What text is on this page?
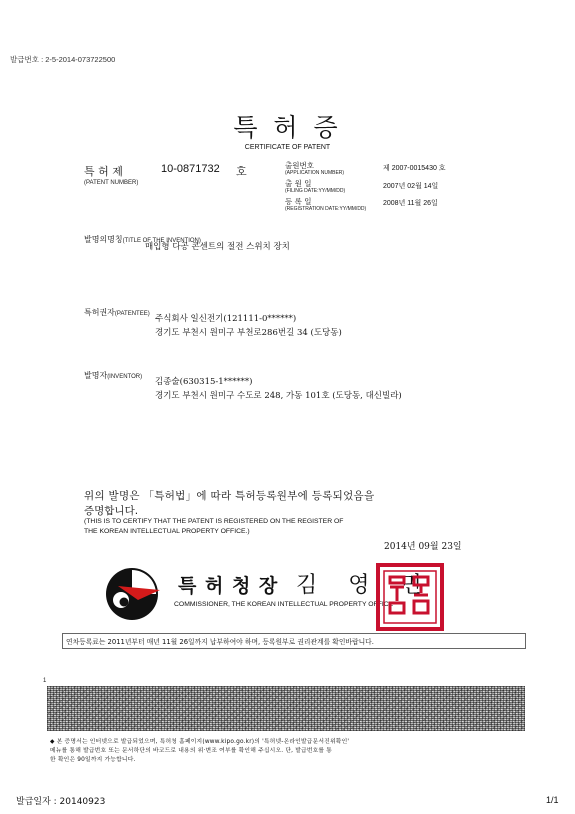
발급번호 : 2-5-2014-073722500
특 허 증
CERTIFICATE OF PATENT
특 허 제	10-0871732 호
(PATENT NUMBER)
출원번호
(APPLICATION NUMBER)
제 2007-0015430 호
출 원 일
(FILING DATE:YY/MM/DD)
2007년 02월 14일
등 록 일
(REGISTRATION DATE:YY/MM/DD)
2008년 11월 26일
발명의명칭(TITLE OF THE INVENTION)
매입형 다공 콘센트의 절전 스위치 장치
특허권자(PATENTEE) 주식회사 일신전기(121111-0******)
경기도 부천시 원미구 부천로286번길 34 (도당동)
발명자(INVENTOR) 김종술(630315-1******)
경기도 부천시 원미구 수도로 248, 가동 101호 (도당동, 대신빌라)
위의 발명은 「특허법」에 따라 특허등록원부에 등록되었음을
증명합니다.
(THIS IS TO CERTIFY THAT THE PATENT IS REGISTERED ON THE REGISTER OF
THE KOREAN INTELLECTUAL PROPERTY OFFICE.)
2014년 09월 23일
특 허 청 장 김 영 민
COMMISSIONER, THE KOREAN INTELLECTUAL PROPERTY OFFICE
연차등록료는 2011년부터 매년 11월 26일까지 납부하여야 하며, 등록원부로 권리관계를 확인바랍니다.
1
◆ 본 증명서는 인터넷으로 발급되었으며, 특허청 홈페이지(www.kipo.go.kr)의 '특허넷-온라인발급문서진위확인'
메뉴를 통해 발급번호 또는 문서하단의 바코드로 내용의 위·변조 여부를 확인해 주십시오. 단, 발급번호를 통
한 확인은 90일까지 가능합니다.
발급일자 : 20140923	1/1
